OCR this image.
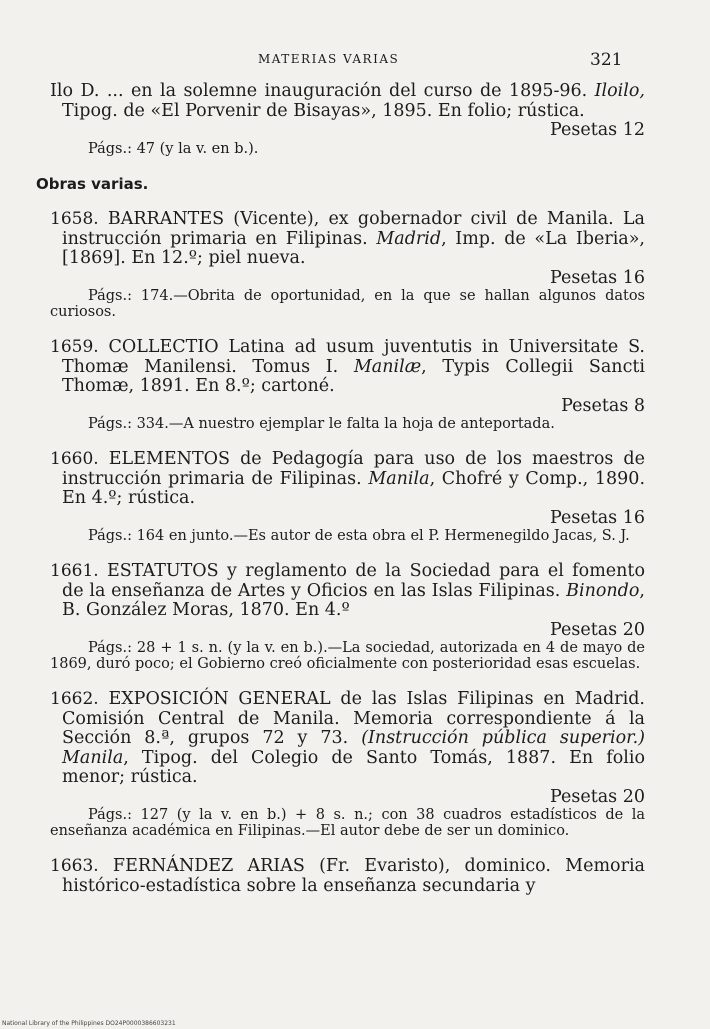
MATERIAS VARIAS	321

Ilo D. ... en la solemne inauguración del curso de 1895-96. Iloilo, Tipog. de «El Porvenir de Bisayas», 1895. En folio; rústica.

Pesetas 12

Págs.: 47 (y la v. en b.).

Obras varias.

1658. BARRANTES (Vicente), ex gobernador civil de Manila. La instrucción primaria en Filipinas. Madrid, Imp. de «La Iberia», [1869]. En 12.º; piel nueva.

Pesetas 16

Págs.: 174.—Obrita de oportunidad, en la que se hallan algunos datos curiosos.

1659. COLLECTIO Latina ad usum juventutis in Universitate S. Thomæ Manilensi. Tomus I. Manilæ, Typis Collegii Sancti Thomæ, 1891. En 8.º; cartoné.

Pesetas 8

Págs.: 334.—A nuestro ejemplar le falta la hoja de anteportada.

1660. ELEMENTOS de Pedagogía para uso de los maestros de instrucción primaria de Filipinas. Manila, Chofré y Comp., 1890. En 4.º; rústica.

Pesetas 16

Págs.: 164 en junto.—Es autor de esta obra el P. Hermenegildo Jacas, S. J.

1661. ESTATUTOS y reglamento de la Sociedad para el fomento de la enseñanza de Artes y Oficios en las Islas Filipinas. Binondo, B. González Moras, 1870. En 4.º

Pesetas 20

Págs.: 28 + 1 s. n. (y la v. en b.).—La sociedad, autorizada en 4 de mayo de 1869, duró poco; el Gobierno creó oficialmente con posterioridad esas escuelas.

1662. EXPOSICIÓN GENERAL de las Islas Filipinas en Madrid. Comisión Central de Manila. Memoria correspondiente á la Sección 8.ª, grupos 72 y 73. (Instrucción pública superior.) Manila, Tipog. del Colegio de Santo Tomás, 1887. En folio menor; rústica.

Pesetas 20

Págs.: 127 (y la v. en b.) + 8 s. n.; con 38 cuadros estadísticos de la enseñanza académica en Filipinas.—El autor debe de ser un dominico.

1663. FERNÁNDEZ ARIAS (Fr. Evaristo), dominico. Memoria histórico-estadística sobre la enseñanza secundaria y

National Library of the Philippines DO24P0000386603231
